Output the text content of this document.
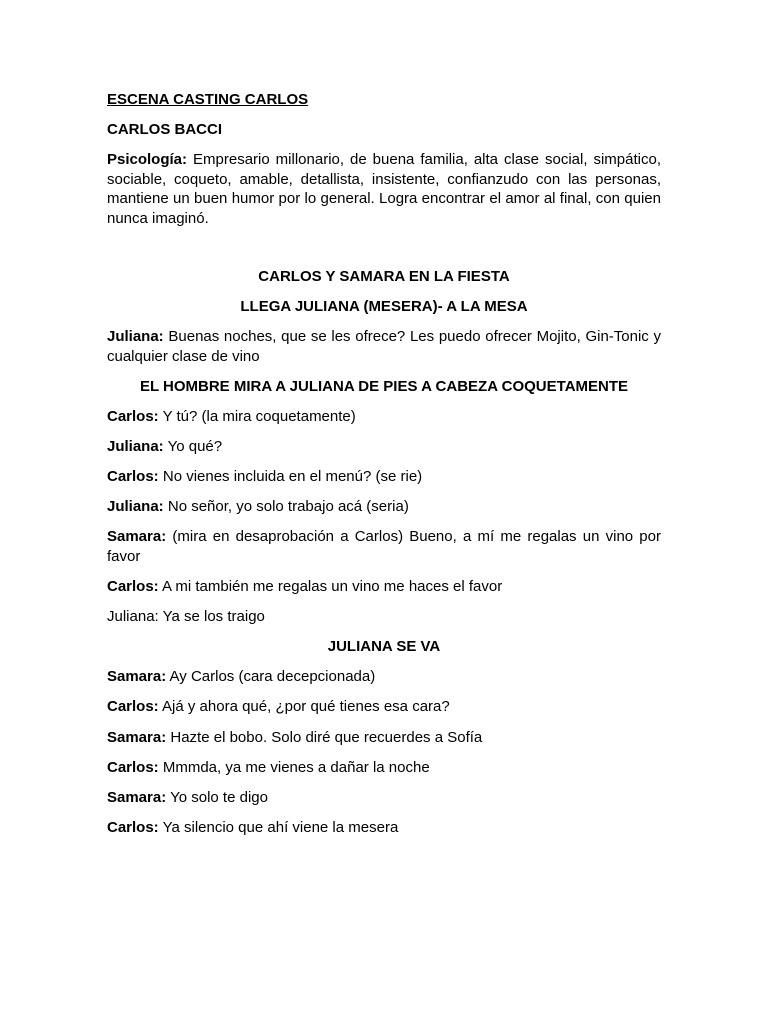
ESCENA CASTING CARLOS
CARLOS BACCI
Psicología: Empresario millonario, de buena familia, alta clase social, simpático, sociable, coqueto, amable, detallista, insistente, confianzudo con las personas, mantiene un buen humor por lo general. Logra encontrar el amor al final, con quien nunca imaginó.
CARLOS Y SAMARA EN LA FIESTA
LLEGA JULIANA (MESERA)- A LA MESA
Juliana: Buenas noches, que se les ofrece? Les puedo ofrecer Mojito, Gin-Tonic y cualquier clase de vino
EL HOMBRE MIRA A JULIANA DE PIES A CABEZA COQUETAMENTE
Carlos: Y tú? (la mira coquetamente)
Juliana: Yo qué?
Carlos: No vienes incluida en el menú? (se rie)
Juliana: No señor, yo solo trabajo acá (seria)
Samara: (mira en desaprobación a Carlos) Bueno, a mí me regalas un vino por favor
Carlos: A mi también me regalas un vino me haces el favor
Juliana: Ya se los traigo
JULIANA SE VA
Samara: Ay Carlos (cara decepcionada)
Carlos: Ajá y ahora qué, ¿por qué tienes esa cara?
Samara: Hazte el bobo. Solo diré que recuerdes a Sofía
Carlos: Mmmda, ya me vienes a dañar la noche
Samara: Yo solo te digo
Carlos: Ya silencio que ahí viene la mesera
